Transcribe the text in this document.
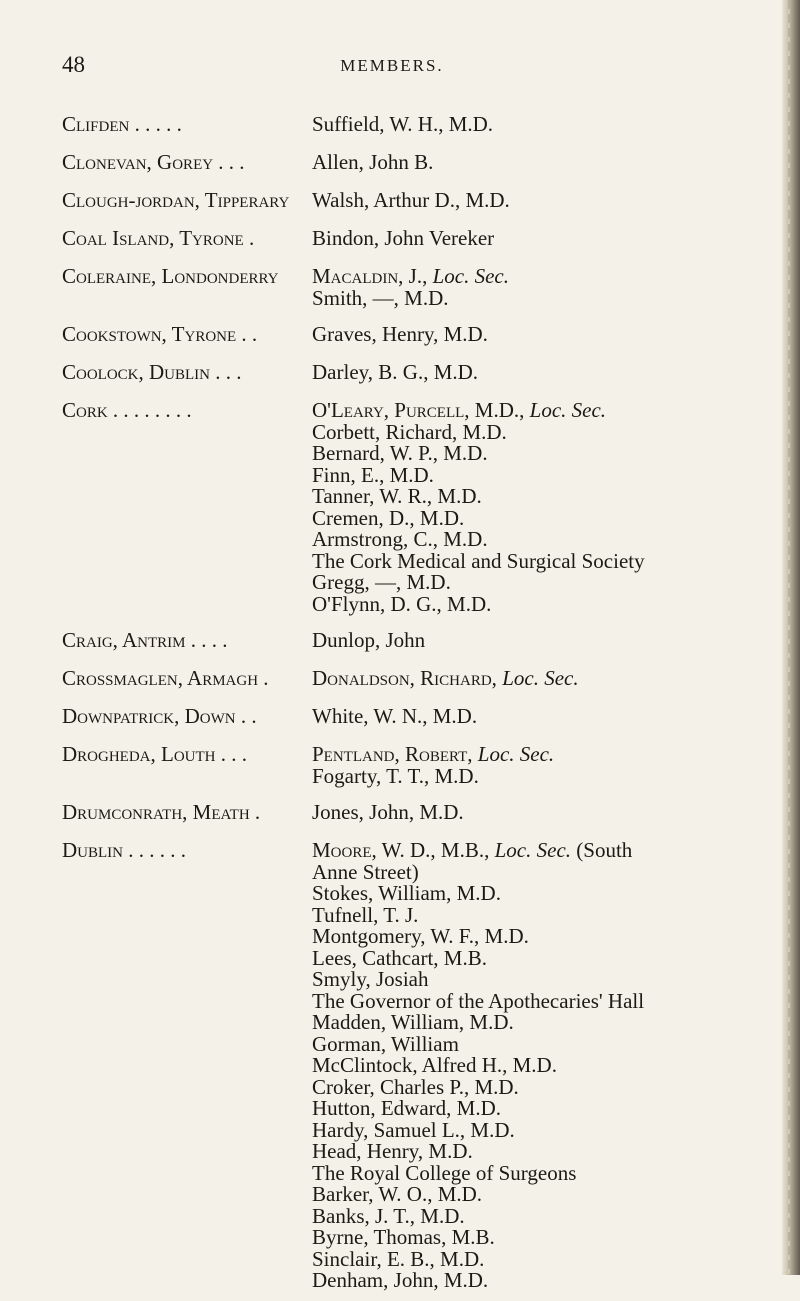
48	MEMBERS.
Clifden . . . . .	Suffield, W. H., M.D.
Clonevan, Gorey . . .	Allen, John B.
Clough-jordan, Tipperary	Walsh, Arthur D., M.D.
Coal Island, Tyrone .	Bindon, John Vereker
Coleraine, Londonderry	Macaldin, J., Loc. Sec.
Smith, —, M.D.
Cookstown, Tyrone . .	Graves, Henry, M.D.
Coolock, Dublin . . .	Darley, B. G., M.D.
Cork . . . . . . . .	O'Leary, Purcell, M.D., Loc. Sec.
Corbett, Richard, M.D.
Bernard, W. P., M.D.
Finn, E., M.D.
Tanner, W. R., M.D.
Cremen, D., M.D.
Armstrong, C., M.D.
The Cork Medical and Surgical Society
Gregg, —, M.D.
O'Flynn, D. G., M.D.
Craig, Antrim . . . .	Dunlop, John
Crossmaglen, Armagh .	Donaldson, Richard, Loc. Sec.
Downpatrick, Down . .	White, W. N., M.D.
Drogheda, Louth . . .	Pentland, Robert, Loc. Sec.
Fogarty, T. T., M.D.
Drumconrath, Meath .	Jones, John, M.D.
Dublin . . . . . .	Moore, W. D., M.B., Loc. Sec. (South
Anne Street)
Stokes, William, M.D.
Tufnell, T. J.
Montgomery, W. F., M.D.
Lees, Cathcart, M.B.
Smyly, Josiah
The Governor of the Apothecaries' Hall
Madden, William, M.D.
Gorman, William
McClintock, Alfred H., M.D.
Croker, Charles P., M.D.
Hutton, Edward, M.D.
Hardy, Samuel L., M.D.
Head, Henry, M.D.
The Royal College of Surgeons
Barker, W. O., M.D.
Banks, J. T., M.D.
Byrne, Thomas, M.B.
Sinclair, E. B., M.D.
Denham, John, M.D.
